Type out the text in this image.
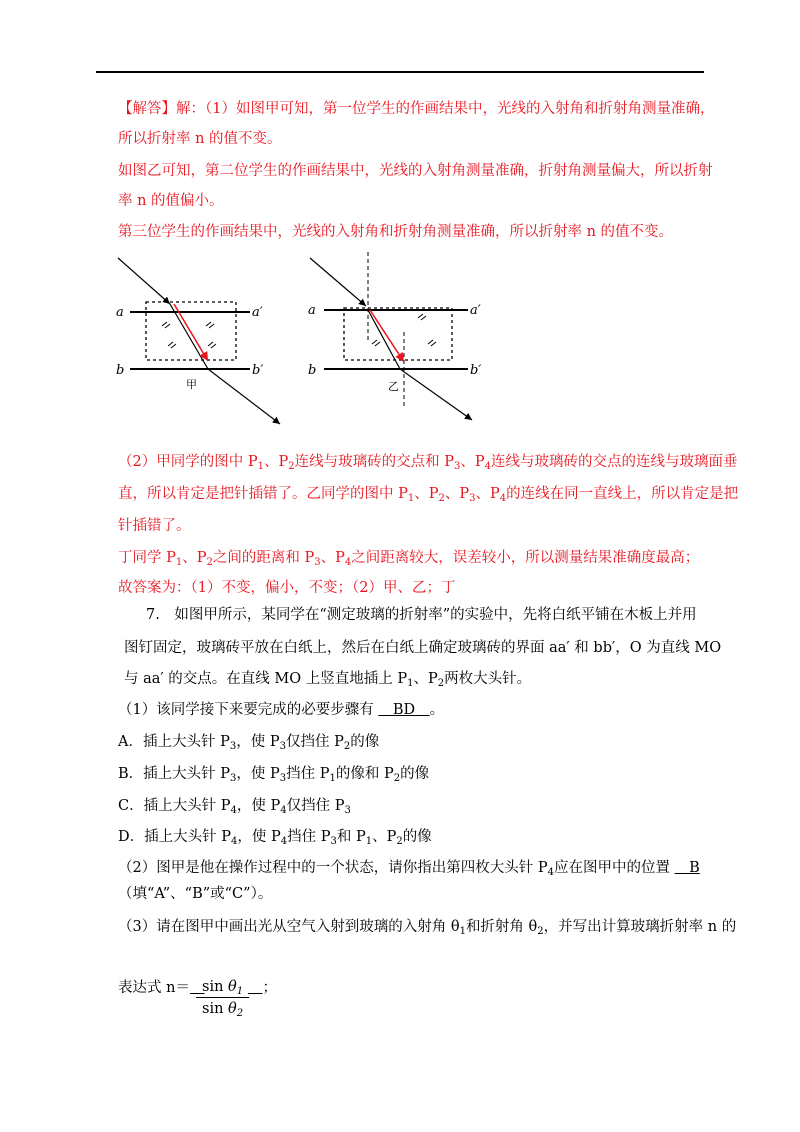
【解答】解：（1）如图甲可知，第一位学生的作画结果中，光线的入射角和折射角测量准确，
所以折射率 n 的值不变。
如图乙可知，第二位学生的作画结果中，光线的入射角测量准确，折射角测量偏大，所以折射
率 n 的值偏小。
第三位学生的作画结果中，光线的入射角和折射角测量准确，所以折射率 n 的值不变。
a	a′
b	b′
甲
a	a′
b	b′
乙
（2）甲同学的图中 $P_1$、$P_2$连线与玻璃砖的交点和 $P_3$、$P_4$连线与玻璃砖的交点的连线与玻璃面垂
直，所以肯定是把针插错了。乙同学的图中 $P_1$、$P_2$、$P_3$、$P_4$的连线在同一直线上，所以肯定是把
针插错了。
丁同学 $P_1$、$P_2$之间的距离和 $P_3$、$P_4$之间距离较大，误差较小，所以测量结果准确度最高；
故答案为：（1）不变，偏小，不变；（2）甲、乙；丁
7.　如图甲所示，某同学在“测定玻璃的折射率”的实验中，先将白纸平铺在木板上并用
图钉固定，玻璃砖平放在白纸上，然后在白纸上确定玻璃砖的界面 aa′ 和 bb′，O 为直线 MO
与 aa′ 的交点。在直线 MO 上竖直地插上 $P_1$、$P_2$两枚大头针。
（1）该同学接下来要完成的必要步骤有 　BD　。
A．插上大头针 $P_3$，使 $P_3$仅挡住 $P_2$的像
B．插上大头针 $P_3$，使 $P_3$挡住 $P_1$的像和 $P_2$的像
C．插上大头针 $P_4$，使 $P_4$仅挡住 $P_3$
D．插上大头针 $P_4$，使 $P_4$挡住 $P_3$和 $P_1$、$P_2$的像
（2）图甲是他在操作过程中的一个状态，请你指出第四枚大头针 $P_4$应在图甲中的位置 　B
（填“A”、“B”或“C”）。
（3）请在图甲中画出光从空气入射到玻璃的入射角 $\theta_1$和折射角 $\theta_2$，并写出计算玻璃折射率 n 的
表达式 n＝　 $\frac{\sin \theta_1}{\sin \theta_2}$
　 ；
